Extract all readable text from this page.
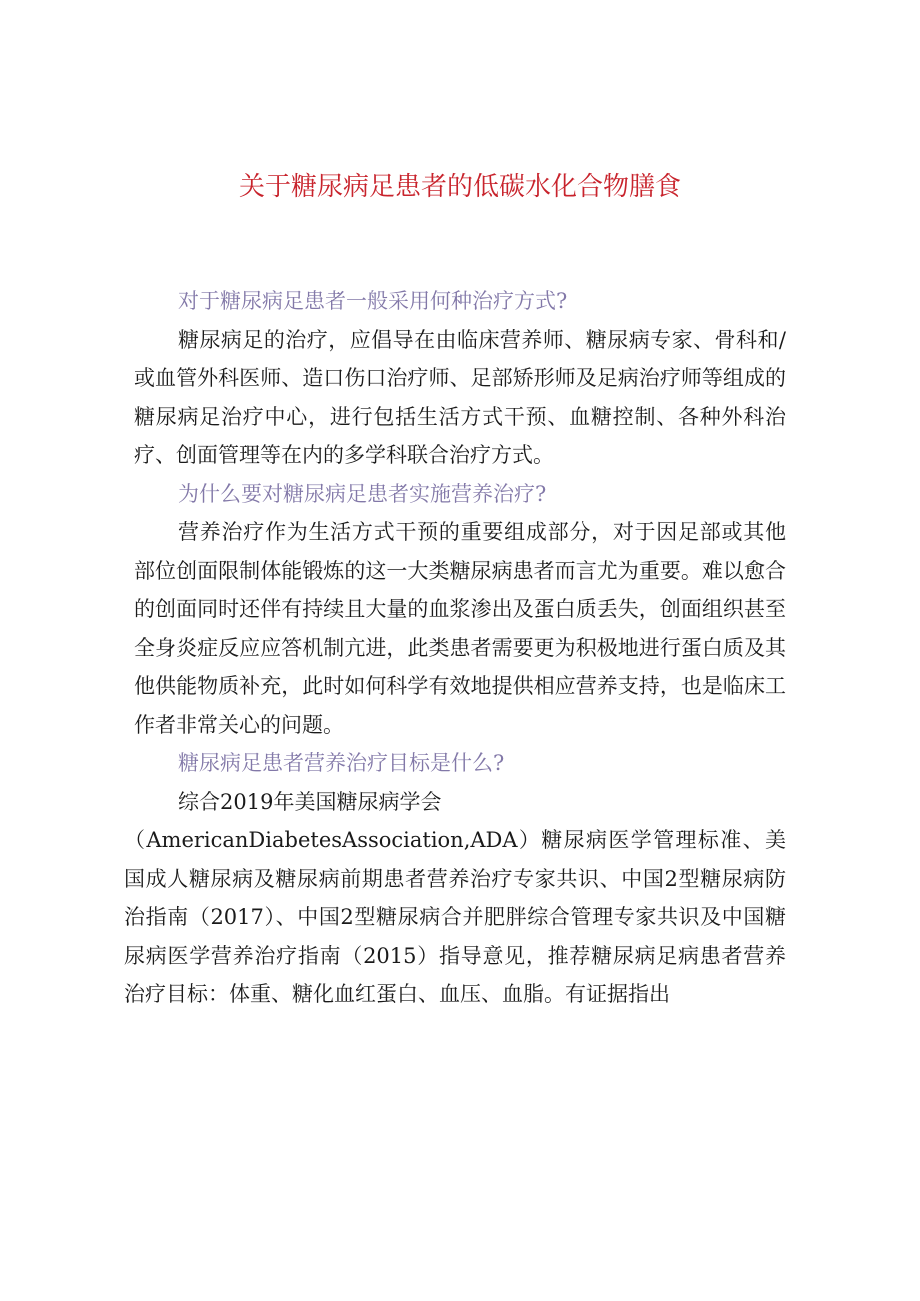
关于糖尿病足患者的低碳水化合物膳食

对于糖尿病足患者一般采用何种治疗方式?

糖尿病足的治疗，应倡导在由临床营养师、糖尿病专家、骨科和/或血管外科医师、造口伤口治疗师、足部矫形师及足病治疗师等组成的糖尿病足治疗中心，进行包括生活方式干预、血糖控制、各种外科治疗、创面管理等在内的多学科联合治疗方式。

为什么要对糖尿病足患者实施营养治疗?

营养治疗作为生活方式干预的重要组成部分，对于因足部或其他部位创面限制体能锻炼的这一大类糖尿病患者而言尤为重要。难以愈合的创面同时还伴有持续且大量的血浆渗出及蛋白质丢失，创面组织甚至全身炎症反应应答机制亢进，此类患者需要更为积极地进行蛋白质及其他供能物质补充，此时如何科学有效地提供相应营养支持，也是临床工作者非常关心的问题。

糖尿病足患者营养治疗目标是什么?

综合2019年美国糖尿病学会

（AmericanDiabetesAssociation,ADA）糖尿病医学管理标准、美国成人糖尿病及糖尿病前期患者营养治疗专家共识、中国2型糖尿病防治指南（2017）、中国2型糖尿病合并肥胖综合管理专家共识及中国糖尿病医学营养治疗指南（2015）指导意见，推荐糖尿病足病患者营养治疗目标：体重、糖化血红蛋白、血压、血脂。有证据指出
